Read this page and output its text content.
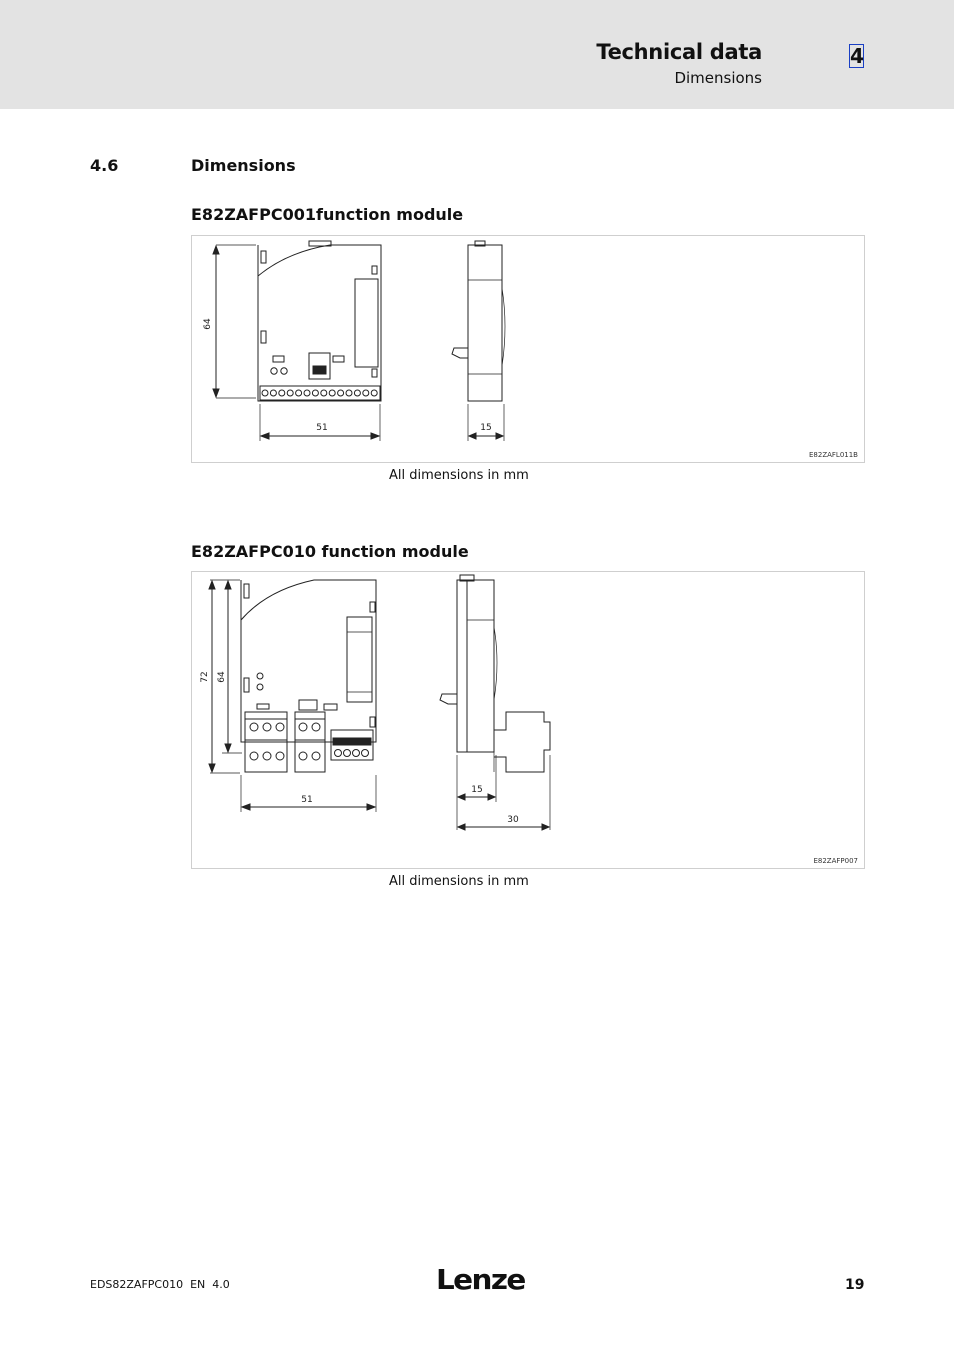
Technical data
Dimensions
4
4.6	Dimensions
E82ZAFPC001function module
64
51	15
E82ZAFL011B
All dimensions in mm
E82ZAFPC010 function module
72 64
51
15
30
E82ZAFP007
All dimensions in mm
EDS82ZAFPC010  EN  4.0	Lenze	19
